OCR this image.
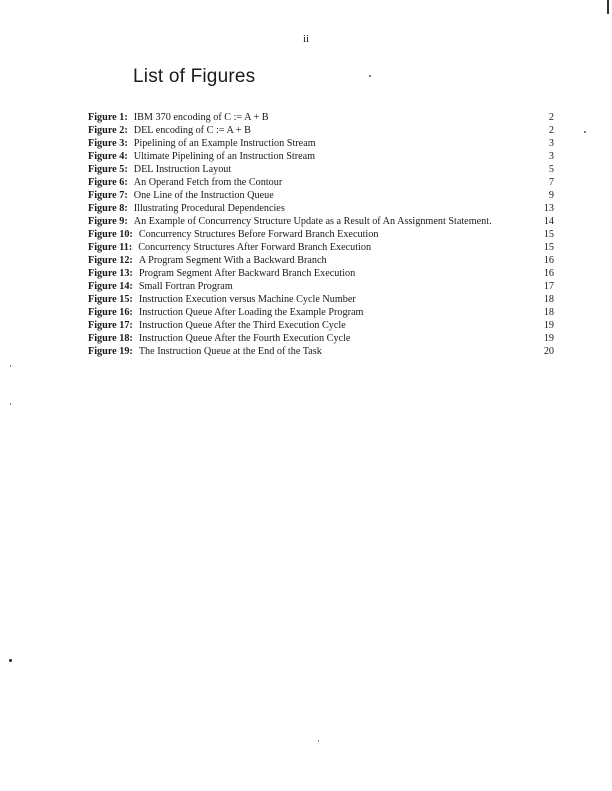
ii
List of Figures
Figure 1: IBM 370 encoding of C := A + B	2
Figure 2: DEL encoding of C := A + B	2
Figure 3: Pipelining of an Example Instruction Stream	3
Figure 4: Ultimate Pipelining of an Instruction Stream	3
Figure 5: DEL Instruction Layout	5
Figure 6: An Operand Fetch from the Contour	7
Figure 7: One Line of the Instruction Queue	9
Figure 8: Illustrating Procedural Dependencies	13
Figure 9: An Example of Concurrency Structure Update as a Result of An Assignment Statement.	14
Figure 10: Concurrency Structures Before Forward Branch Execution	15
Figure 11: Concurrency Structures After Forward Branch Execution	15
Figure 12: A Program Segment With a Backward Branch	16
Figure 13: Program Segment After Backward Branch Execution	16
Figure 14: Small Fortran Program	17
Figure 15: Instruction Execution versus Machine Cycle Number	18
Figure 16: Instruction Queue After Loading the Example Program	18
Figure 17: Instruction Queue After the Third Execution Cycle	19
Figure 18: Instruction Queue After the Fourth Execution Cycle	19
Figure 19: The Instruction Queue at the End of the Task	20
